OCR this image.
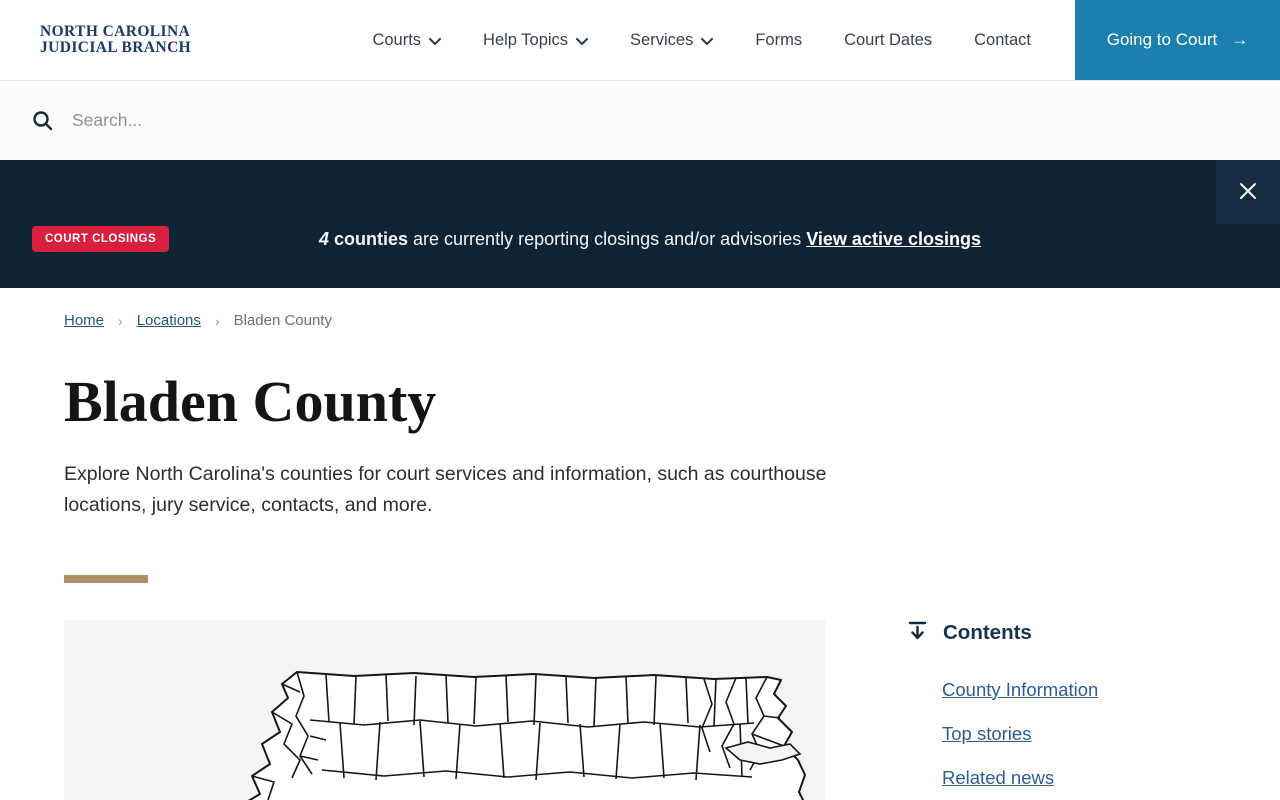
NORTH CAROLINA
JUDICIAL BRANCH	Courts	Help Topics	Services	Forms	Court Dates	Contact	Going to Court →
Search...
COURT CLOSINGS	4 counties are currently reporting closings and/or advisories View active closings
Home › Locations › Bladen County
Bladen County

Explore North Carolina's counties for court services and information, such as courthouse locations, jury service, contacts, and more.

Contents
County Information
Top stories
Related news
